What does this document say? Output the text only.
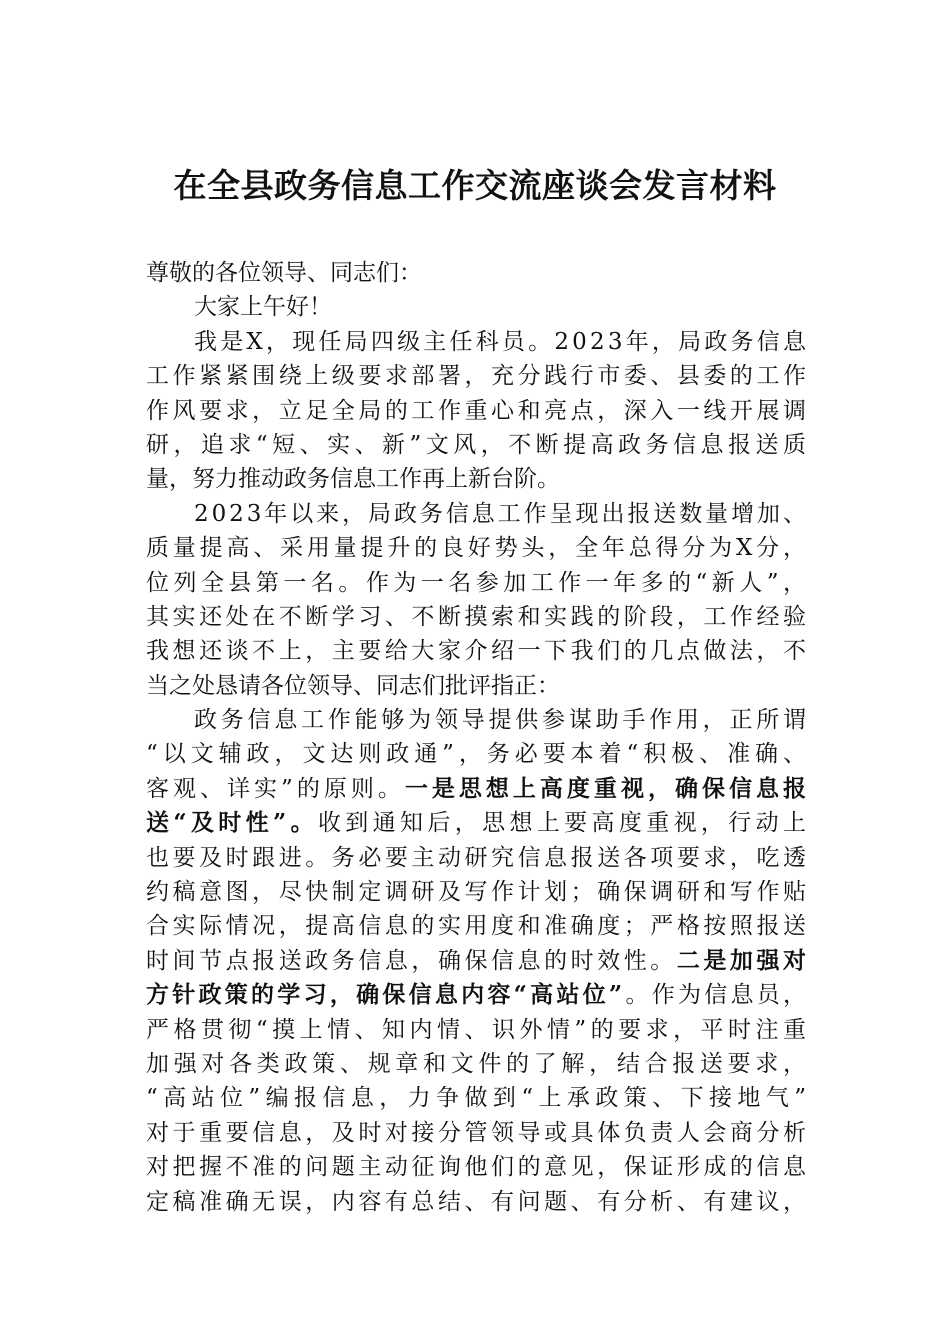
在全县政务信息工作交流座谈会发言材料
尊敬的各位领导、同志们：
大家上午好！
我是X，现任局四级主任科员。2023年，局政务信息
工作紧紧围绕上级要求部署，充分践行市委、县委的工作
作风要求，立足全局的工作重心和亮点，深入一线开展调
研，追求“短、实、新”文风，不断提高政务信息报送质
量，努力推动政务信息工作再上新台阶。
2023年以来，局政务信息工作呈现出报送数量增加、
质量提高、采用量提升的良好势头，全年总得分为X分，
位列全县第一名。作为一名参加工作一年多的“新人”，
其实还处在不断学习、不断摸索和实践的阶段，工作经验
我想还谈不上，主要给大家介绍一下我们的几点做法，不
当之处恳请各位领导、同志们批评指正：
政务信息工作能够为领导提供参谋助手作用，正所谓
“以文辅政，文达则政通”，务必要本着“积极、准确、
客观、详实”的原则。 一是思想上高度重视，确保信息报
送“及时性”。 收到通知后，思想上要高度重视，行动上
也要及时跟进。务必要主动研究信息报送各项要求，吃透
约稿意图，尽快制定调研及写作计划；确保调研和写作贴
合实际情况，提高信息的实用度和准确度；严格按照报送
时间节点报送政务信息，确保信息的时效性。 二是加强对
方针政策的学习，确保信息内容“高站位” 。作为信息员，
严格贯彻“摸上情、知内情、识外情”的要求，平时注重
加强对各类政策、规章和文件的了解，结合报送要求，
“高站位”编报信息，力争做到“上承政策、下接地气”
对于重要信息，及时对接分管领导或具体负责人会商分析
对把握不准的问题主动征询他们的意见，保证形成的信息
定稿准确无误，内容有总结、有问题、有分析、有建议，
